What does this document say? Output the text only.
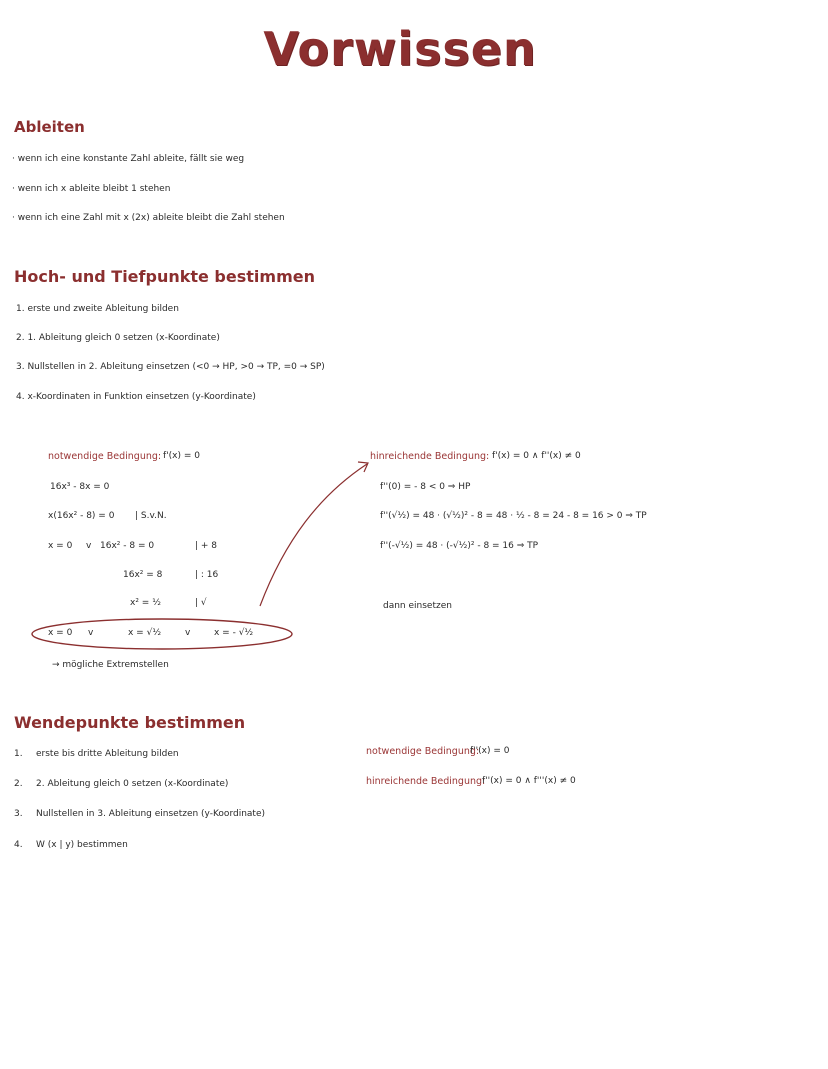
Vorwissen
Ableiten
· wenn ich eine konstante Zahl ableite, fällt sie weg
· wenn ich x ableite bleibt 1 stehen
· wenn ich eine Zahl mit x (2x) ableite bleibt die Zahl stehen
Hoch- und Tiefpunkte bestimmen
1. erste und zweite Ableitung bilden
2. 1. Ableitung gleich 0 setzen (x-Koordinate)
3. Nullstellen in 2. Ableitung einsetzen (<0 → HP, >0 → TP, =0 → SP)
4. x-Koordinaten in Funktion einsetzen (y-Koordinate)
notwendige Bedingung: f'(x) = 0
16x³ - 8x = 0
x(16x² - 8) = 0 | S.v.N.
x = 0 v 16x² - 8 = 0	| + 8
16x² = 8	| : 16
x² = ½	| √
x = 0 v	x = √½	v	x = - √½
→ mögliche Extremstellen
hinreichende Bedingung: f'(x) = 0 ∧ f''(x) ≠ 0
f''(0) = - 8 < 0 ⇒ HP
f''(√½) = 48 · (√½)² - 8 = 48 · ½ - 8 = 24 - 8 = 16 > 0 ⇒ TP
f''(-√½) = 48 · (-√½)² - 8 = 16 ⇒ TP
dann einsetzen
Wendepunkte bestimmen
1. erste bis dritte Ableitung bilden
2. 2. Ableitung gleich 0 setzen (x-Koordinate)
3. Nullstellen in 3. Ableitung einsetzen (y-Koordinate)
4. W (x | y) bestimmen
notwendige Bedingung:
f''(x) = 0
hinreichende Bedingung:
f''(x) = 0 ∧ f'''(x) ≠ 0
